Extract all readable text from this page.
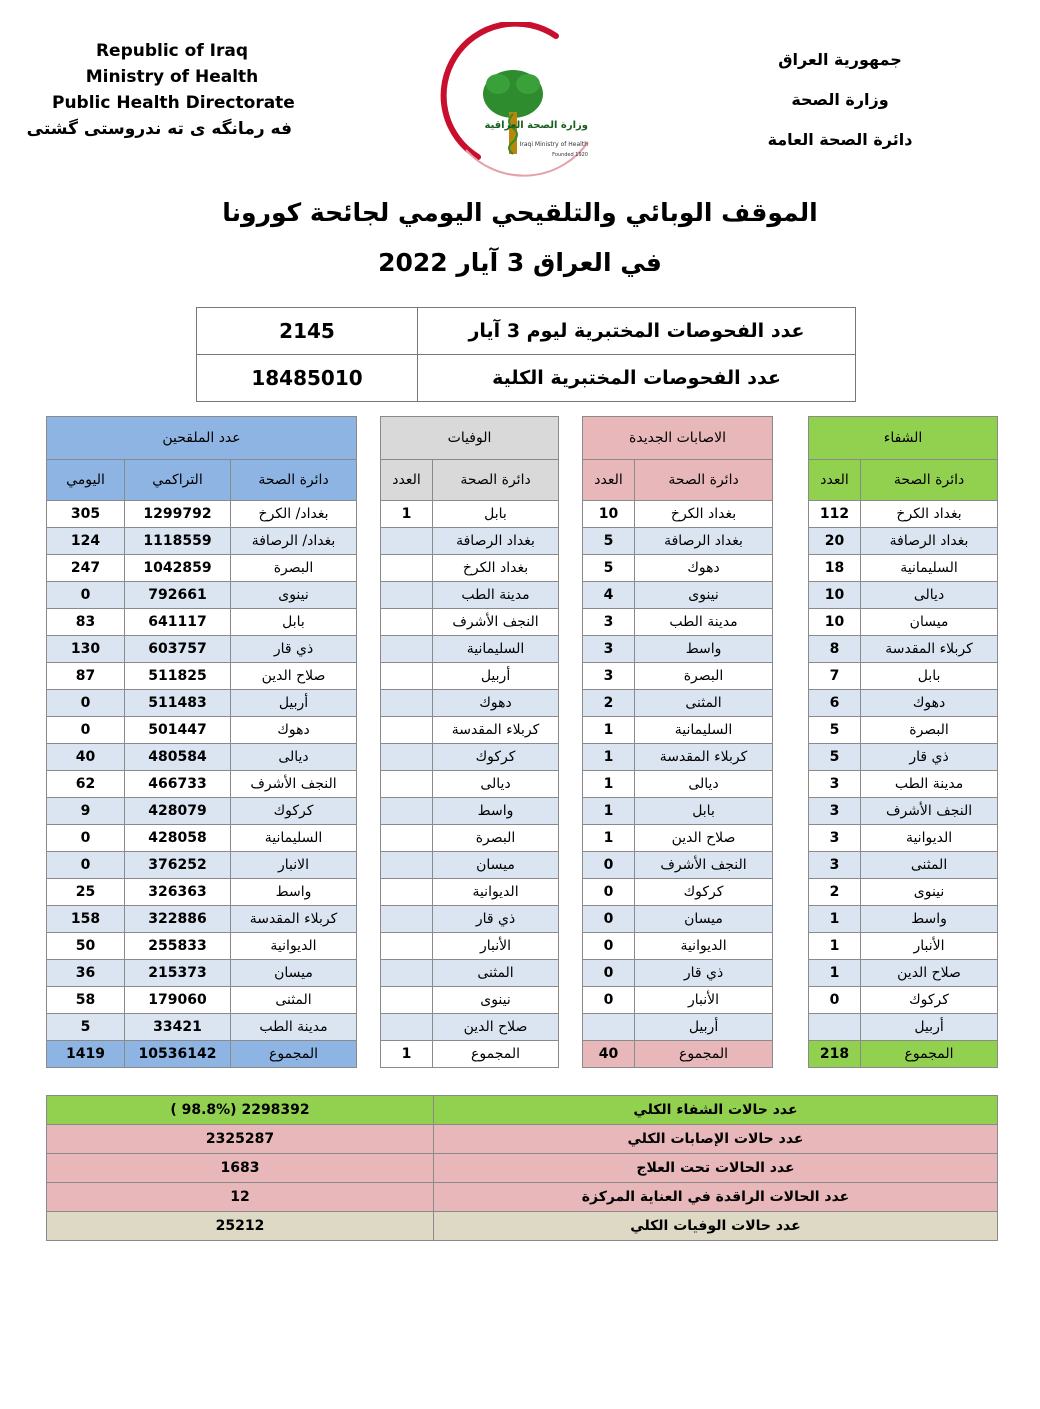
Republic of Iraq
Ministry of Health
Public Health Directorate
فه رمانگه ی ته ندروستی گشتی	وزارة الصحة العراقية
Iraqi Ministry of Health
Founded 1920
جمهورية العراق
وزارة الصحة
دائرة الصحة العامة
الموقف الوبائي والتلقيحي اليومي لجائحة كورونا
في العراق 3 آيار 2022
2145	عدد الفحوصات المختبرية ليوم 3 آيار
18485010	عدد الفحوصات المختبرية الكلية
عدد الملقحين				الوفيات			الاصابات الجديدة			الشفاء	
اليومي	التراكمي	دائرة الصحة		العدد	دائرة الصحة		العدد	دائرة الصحة		العدد	دائرة الصحة
305	1299792	بغداد/ الكرخ		1	بابل		10	بغداد الكرخ		112	بغداد الكرخ
124	1118559	بغداد/ الرصافة			بغداد الرصافة		5	بغداد الرصافة		20	بغداد الرصافة
247	1042859	البصرة			بغداد الكرخ		5	دهوك		18	السليمانية
0	792661	نينوى			مدينة الطب		4	نينوى		10	ديالى
83	641117	بابل			النجف الأشرف		3	مدينة الطب		10	ميسان
130	603757	ذي قار			السليمانية		3	واسط		8	كربلاء المقدسة
87	511825	صلاح الدين			أربيل		3	البصرة		7	بابل
0	511483	أربيل			دهوك		2	المثنى		6	دهوك
0	501447	دهوك			كربلاء المقدسة		1	السليمانية		5	البصرة
40	480584	ديالى			كركوك		1	كربلاء المقدسة		5	ذي قار
62	466733	النجف الأشرف			ديالى		1	ديالى		3	مدينة الطب
9	428079	كركوك			واسط		1	بابل		3	النجف الأشرف
0	428058	السليمانية			البصرة		1	صلاح الدين		3	الديوانية
0	376252	الانبار			ميسان		0	النجف الأشرف		3	المثنى
25	326363	واسط			الديوانية		0	كركوك		2	نينوى
158	322886	كربلاء المقدسة			ذي قار		0	ميسان		1	واسط
50	255833	الديوانية			الأنبار		0	الديوانية		1	الأنبار
36	215373	ميسان			المثنى		0	ذي قار		1	صلاح الدين
58	179060	المثنى			نينوى		0	الأنبار		0	كركوك
5	33421	مدينة الطب			صلاح الدين			أربيل			أربيل
1419	10536142	المجموع		1	المجموع		40	المجموع		218	المجموع
( 98.8%) 2298392	عدد حالات الشفاء الكلي
2325287	عدد حالات الإصابات الكلي
1683	عدد الحالات تحت العلاج
12	عدد الحالات الراقدة في العناية المركزة
25212	عدد حالات الوفيات الكلي
